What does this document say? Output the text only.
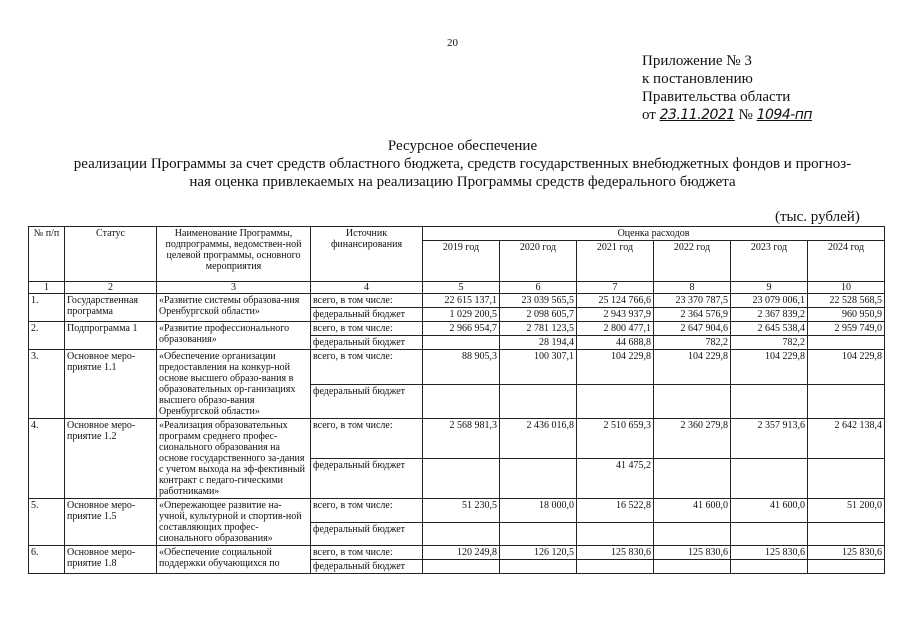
20
Приложение № 3
к постановлению
Правительства области
от 23.11.2021 № 1094-пп
Ресурсное обеспечение
реализации Программы за счет средств областного бюджета, средств государственных внебюджетных фондов и прогноз-
ная оценка привлекаемых на реализацию Программы средств федерального бюджета
(тыс. рублей)
№ п/п	Статус	Наименование Программы, подпрограммы, ведомствен-ной целевой программы, основного мероприятия	Источник финансирования	Оценка расходов					
				2019 год	2020 год	2021 год	2022 год	2023 год	2024 год
1	2	3	4	5	6	7	8	9	10
1.	Государственная программа	«Развитие системы образова-ния Оренбургской области»	всего, в том числе:	22 615 137,1	23 039 565,5	25 124 766,6	23 370 787,5	23 079 006,1	22 528 568,5
			федеральный бюджет	1 029 200,5	2 098 605,7	2 943 937,9	2 364 576,9	2 367 839,2	960 950,9
2.	Подпрограмма 1	«Развитие профессионального образования»	всего, в том числе:	2 966 954,7	2 781 123,5	2 800 477,1	2 647 904,6	2 645 538,4	2 959 749,0
			федеральный бюджет		28 194,4	44 688,8	782,2	782,2	
3.	Основное меро-приятие 1.1	«Обеспечение организации предоставления на конкур-ной основе высшего образо-вания в образовательных ор-ганизациях высшего образо-вания Оренбургской области»	всего, в том числе:	88 905,3	100 307,1	104 229,8	104 229,8	104 229,8	104 229,8
			федеральный бюджет						
4.	Основное меро-приятие 1.2	«Реализация образовательных программ среднего профес-сионального образования на основе государственного за-дания с учетом выхода на эф-фективный контракт с педаго-гическими работниками»	всего, в том числе:	2 568 981,3	2 436 016,8	2 510 659,3	2 360 279,8	2 357 913,6	2 642 138,4
			федеральный бюджет			41 475,2			
5.	Основное меро-приятие 1.5	«Опережающее развитие на-учной, культурной и спортив-ной составляющих профес-сионального образования»	всего, в том числе:	51 230,5	18 000,0	16 522,8	41 600,0	41 600,0	51 200,0
			федеральный бюджет						
6.	Основное меро-приятие 1.8	«Обеспечение социальной поддержки обучающихся по	всего, в том числе:	120 249,8	126 120,5	125 830,6	125 830,6	125 830,6	125 830,6
			федеральный бюджет						
